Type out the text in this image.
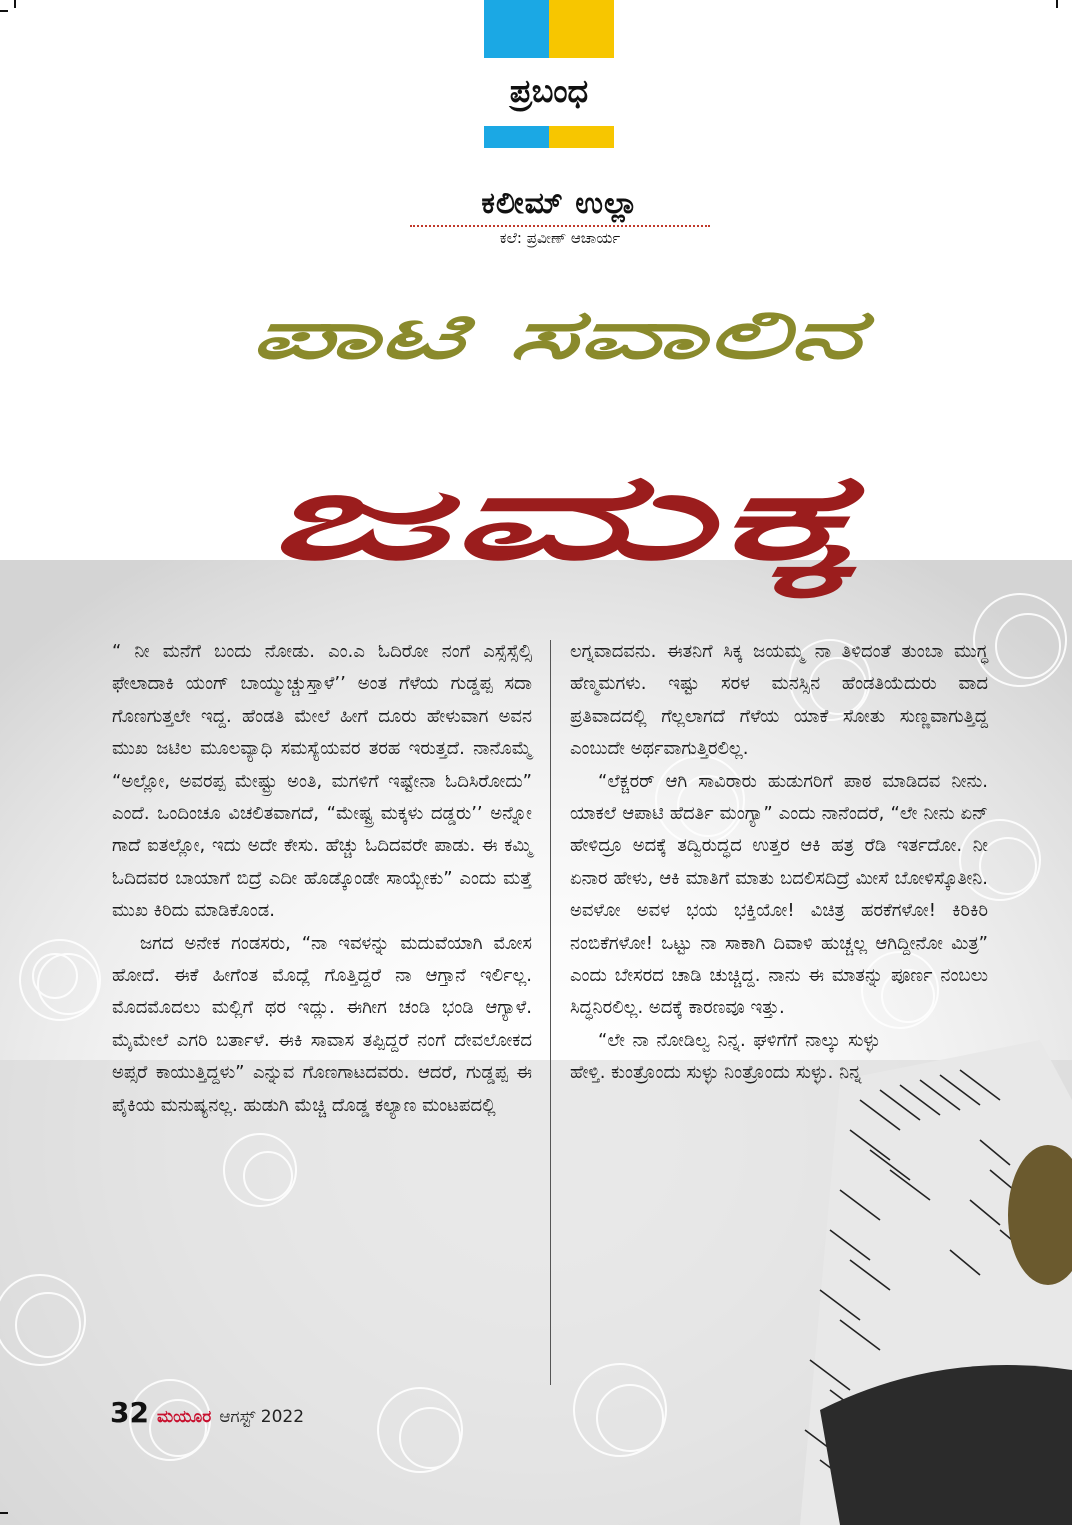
ಪ್ರಬಂಧ
ಕಲೀಮ್ ಉಲ್ಲಾ
ಕಲೆ: ಪ್ರವೀಣ್ ಆಚಾರ್ಯ
ಪಾಟಿ ಸವಾಲಿನ
ಜಮಕ್ಕ

“ ನೀ ಮನೆಗೆ ಬಂದು ನೋಡು. ಎಂ.ಎ ಓದಿರೋ ನಂಗೆ ಎಸ್ಸೆಸ್ಸೆಲ್ಸಿ ಫೇಲಾದಾಕಿ ಯಂಗ್ ಬಾಯ್ಮುಚ್ಚುಸ್ತಾಳೆ’’ ಅಂತ ಗೆಳೆಯ ಗುಡ್ಡಪ್ಪ ಸದಾ ಗೊಣಗುತ್ತಲೇ ಇದ್ದ. ಹೆಂಡತಿ ಮೇಲೆ ಹೀಗೆ ದೂರು ಹೇಳುವಾಗ ಅವನ ಮುಖ ಜಟಿಲ ಮೂಲವ್ಯಾಧಿ ಸಮಸ್ಯೆಯವರ ತರಹ ಇರುತ್ತದೆ. ನಾನೊಮ್ಮೆ “ಅಲ್ಲೋ, ಅವರಪ್ಪ ಮೇಷ್ಟ್ರು ಅಂತಿ, ಮಗಳಿಗೆ ಇಷ್ಟೇನಾ ಓದಿಸಿರೋದು” ಎಂದೆ. ಒಂದಿಂಚೂ ವಿಚಲಿತವಾಗದೆ, “ಮೇಷ್ಟ್ರ ಮಕ್ಕಳು ದಡ್ಡರು’’ ಅನ್ನೋ ಗಾದೆ ಐತಲ್ಲೋ, ಇದು ಅದೇ ಕೇಸು. ಹೆಚ್ಚು ಓದಿದವರೇ ಪಾಡು. ಈ ಕಮ್ಮಿ ಓದಿದವರ ಬಾಯಾಗೆ ಬಿದ್ರೆ ಎದೀ ಹೊಡ್ಕೊಂಡೇ ಸಾಯ್ಬೇಕು” ಎಂದು ಮತ್ತೆ ಮುಖ ಕಿರಿದು ಮಾಡಿಕೊಂಡ.

ಜಗದ ಅನೇಕ ಗಂಡಸರು, “ನಾ ಇವಳನ್ನು ಮದುವೆಯಾಗಿ ಮೋಸ ಹೋದೆ. ಈಕೆ ಹೀಗೆಂತ ಮೊದ್ಲೆ ಗೊತ್ತಿದ್ದರೆ ನಾ ಆಗ್ತಾನೆ ಇರ್ಲಿಲ್ಲ. ಮೊದಮೊದಲು ಮಲ್ಲಿಗೆ ಥರ ಇದ್ಲು. ಈಗೀಗ ಚಂಡಿ ಭಂಡಿ ಆಗ್ಯಾಳೆ. ಮೈಮೇಲೆ ಎಗರಿ ಬರ್ತಾಳೆ. ಈಕಿ ಸಾವಾಸ ತಪ್ಪಿದ್ದರೆ ನಂಗೆ ದೇವಲೋಕದ ಅಪ್ಸರೆ ಕಾಯುತ್ತಿದ್ದಳು” ಎನ್ನುವ ಗೊಣಗಾಟದವರು. ಆದರೆ, ಗುಡ್ಡಪ್ಪ ಈ ಪೈಕಿಯ ಮನುಷ್ಯನಲ್ಲ. ಹುಡುಗಿ ಮೆಚ್ಚಿ ದೊಡ್ಡ ಕಲ್ಯಾಣ ಮಂಟಪದಲ್ಲಿ

ಲಗ್ನವಾದವನು. ಈತನಿಗೆ ಸಿಕ್ಕ ಜಯಮ್ಮ ನಾ ತಿಳಿದಂತೆ ತುಂಬಾ ಮುಗ್ಧ ಹೆಣ್ಮಮಗಳು. ಇಷ್ಟು ಸರಳ ಮನಸ್ಸಿನ ಹೆಂಡತಿಯೆದುರು ವಾದ ಪ್ರತಿವಾದದಲ್ಲಿ ಗೆಲ್ಲಲಾಗದೆ ಗೆಳೆಯ ಯಾಕೆ ಸೋತು ಸುಣ್ಣವಾಗುತ್ತಿದ್ದ ಎಂಬುದೇ ಅರ್ಥವಾಗುತ್ತಿರಲಿಲ್ಲ.

“ಲೆಕ್ಚರರ್ ಆಗಿ ಸಾವಿರಾರು ಹುಡುಗರಿಗೆ ಪಾಠ ಮಾಡಿದವ ನೀನು. ಯಾಕಲೆ ಆಪಾಟಿ ಹೆದರ್ತಿ ಮಂಗ್ಯಾ” ಎಂದು ನಾನೆಂದರೆ, “ಲೇ ನೀನು ಏನ್ ಹೇಳಿದ್ರೂ ಅದಕ್ಕೆ ತದ್ವಿರುದ್ಧದ ಉತ್ತರ ಆಕಿ ಹತ್ರ ರೆಡಿ ಇರ್ತದೋ. ನೀ ಏನಾರ ಹೇಳು, ಆಕಿ ಮಾತಿಗೆ ಮಾತು ಬದಲಿಸದಿದ್ರೆ ಮೀಸೆ ಬೋಳಿಸ್ಕೊತೀನಿ. ಅವಳೋ ಅವಳ ಭಯ ಭಕ್ತಿಯೋ! ವಿಚಿತ್ರ ಹರಕೆಗಳೋ! ಕಿರಿಕಿರಿ ನಂಬಿಕೆಗಳೋ! ಒಟ್ಟು ನಾ ಸಾಕಾಗಿ ದಿವಾಳಿ ಹುಚ್ಚಲ್ಲ ಆಗಿದ್ದೀನೋ ಮಿತ್ರ” ಎಂದು ಬೇಸರದ ಚಾಡಿ ಚುಚ್ಚಿದ್ದ. ನಾನು ಈ ಮಾತನ್ನು ಪೂರ್ಣ ನಂಬಲು ಸಿದ್ಧನಿರಲಿಲ್ಲ. ಅದಕ್ಕೆ ಕಾರಣವೂ ಇತ್ತು.

“ಲೇ ನಾ ನೋಡಿಲ್ವ ನಿನ್ನ. ಘಳಿಗೆಗೆ ನಾಲ್ಕು ಸುಳ್ಳು ಹೇಳ್ತಿ. ಕುಂತ್ರೊಂದು ಸುಳ್ಳು ನಿಂತ್ರೊಂದು ಸುಳ್ಳು. ನಿನ್ನ

32 ಮಯೂರ ಆಗಸ್ಟ್ 2022
